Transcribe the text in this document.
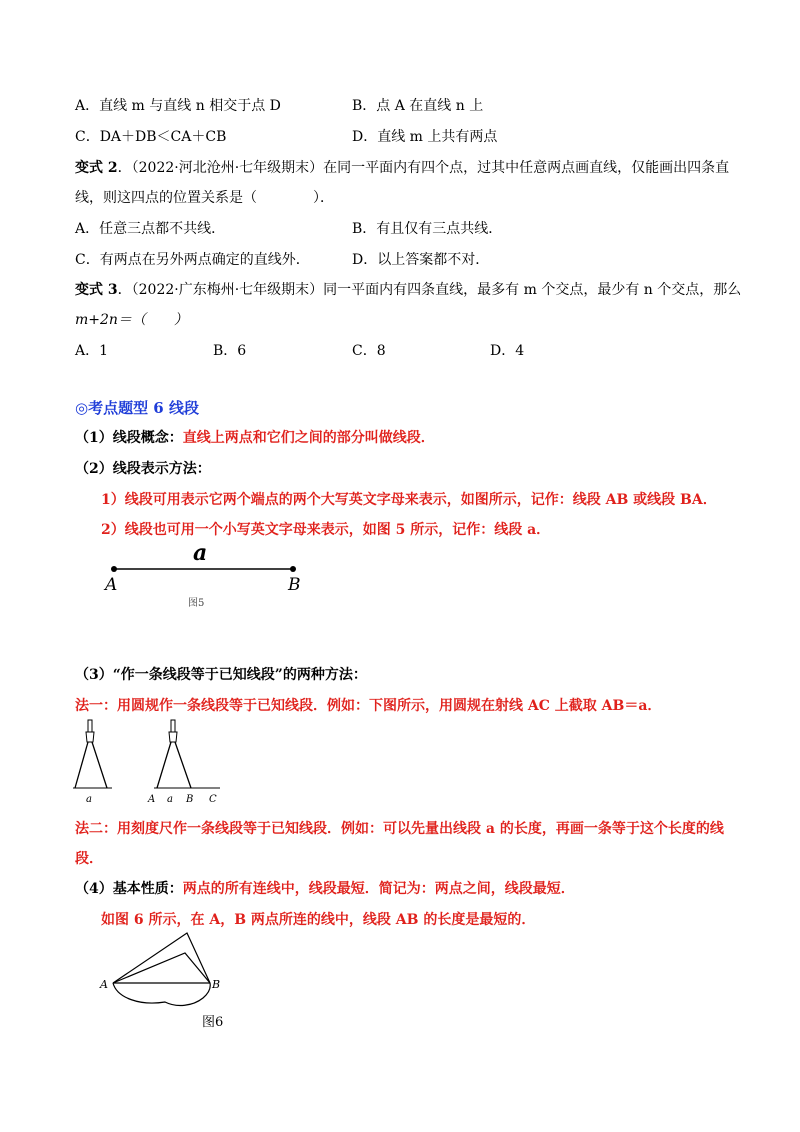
A．直线 m 与直线 n 相交于点 D	B．点 A 在直线 n 上
C．DA＋DB＜CA＋CB	D．直线 m 上共有两点
变式 2．（2022·河北沧州·七年级期末）在同一平面内有四个点，过其中任意两点画直线，仅能画出四条直
线，则这四点的位置关系是（　　　　）．
A．任意三点都不共线．	B．有且仅有三点共线．
C．有两点在另外两点确定的直线外．	D．以上答案都不对．
变式 3．（2022·广东梅州·七年级期末）同一平面内有四条直线，最多有 m 个交点，最少有 n 个交点，那么
m+2n＝（　　）
A．1	B．6	C．8	D．4
◎考点题型 6 线段
（1）线段概念：直线上两点和它们之间的部分叫做线段．
（2）线段表示方法：
1）线段可用表示它两个端点的两个大写英文字母来表示，如图所示，记作：线段 AB 或线段 BA．
2）线段也可用一个小写英文字母来表示，如图 5 所示，记作：线段 a．
a
A	B
图5
（3）“作一条线段等于已知线段”的两种方法：
法一：用圆规作一条线段等于已知线段．例如：下图所示，用圆规在射线 AC 上截取 AB＝a．
a	A a B C
法二：用刻度尺作一条线段等于已知线段．例如：可以先量出线段 a 的长度，再画一条等于这个长度的线
段．
（4）基本性质：两点的所有连线中，线段最短．简记为：两点之间，线段最短．
如图 6 所示，在 A，B 两点所连的线中，线段 AB 的长度是最短的．
A	B
图6
